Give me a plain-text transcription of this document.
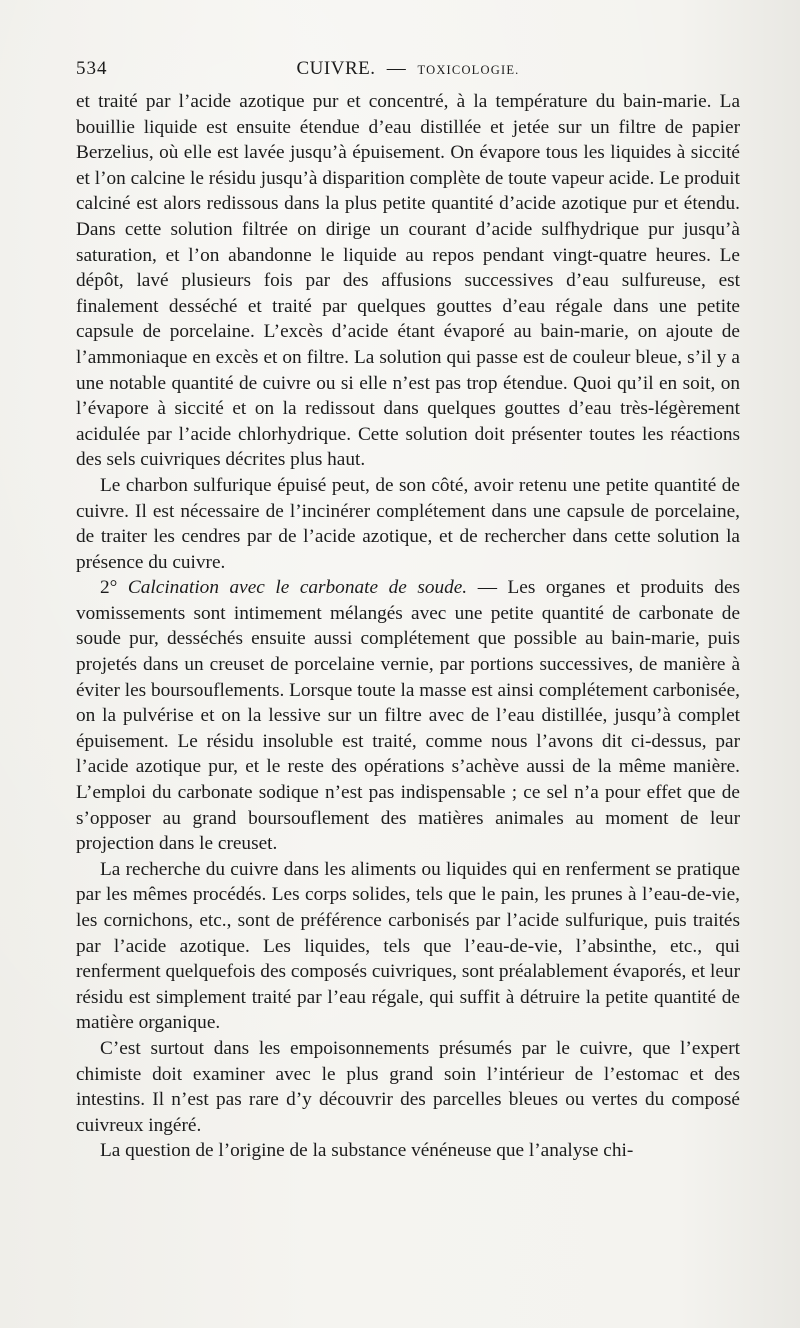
534	CUIVRE. — TOXICOLOGIE.

et traité par l’acide azotique pur et concentré, à la température du bain-marie. La bouillie liquide est ensuite étendue d’eau distillée et jetée sur un filtre de papier Berzelius, où elle est lavée jusqu’à épuisement. On évapore tous les liquides à siccité et l’on calcine le résidu jusqu’à disparition complète de toute vapeur acide. Le produit calciné est alors redissous dans la plus petite quantité d’acide azotique pur et étendu. Dans cette solution filtrée on dirige un courant d’acide sulfhydrique pur jusqu’à saturation, et l’on abandonne le liquide au repos pendant vingt-quatre heures. Le dépôt, lavé plusieurs fois par des affusions successives d’eau sulfureuse, est finalement desséché et traité par quelques gouttes d’eau régale dans une petite capsule de porcelaine. L’excès d’acide étant évaporé au bain-marie, on ajoute de l’ammoniaque en excès et on filtre. La solution qui passe est de couleur bleue, s’il y a une notable quantité de cuivre ou si elle n’est pas trop étendue. Quoi qu’il en soit, on l’évapore à siccité et on la redissout dans quelques gouttes d’eau très-légèrement acidulée par l’acide chlorhydrique. Cette solution doit présenter toutes les réactions des sels cuivriques décrites plus haut.

Le charbon sulfurique épuisé peut, de son côté, avoir retenu une petite quantité de cuivre. Il est nécessaire de l’incinérer complétement dans une capsule de porcelaine, de traiter les cendres par de l’acide azotique, et de rechercher dans cette solution la présence du cuivre.

2° Calcination avec le carbonate de soude. — Les organes et produits des vomissements sont intimement mélangés avec une petite quantité de carbonate de soude pur, desséchés ensuite aussi complétement que possible au bain-marie, puis projetés dans un creuset de porcelaine vernie, par portions successives, de manière à éviter les boursouflements. Lorsque toute la masse est ainsi complétement carbonisée, on la pulvérise et on la lessive sur un filtre avec de l’eau distillée, jusqu’à complet épuisement. Le résidu insoluble est traité, comme nous l’avons dit ci-dessus, par l’acide azotique pur, et le reste des opérations s’achève aussi de la même manière. L’emploi du carbonate sodique n’est pas indispensable ; ce sel n’a pour effet que de s’opposer au grand boursouflement des matières animales au moment de leur projection dans le creuset.

La recherche du cuivre dans les aliments ou liquides qui en renferment se pratique par les mêmes procédés. Les corps solides, tels que le pain, les prunes à l’eau-de-vie, les cornichons, etc., sont de préférence carbonisés par l’acide sulfurique, puis traités par l’acide azotique. Les liquides, tels que l’eau-de-vie, l’absinthe, etc., qui renferment quelquefois des composés cuivriques, sont préalablement évaporés, et leur résidu est simplement traité par l’eau régale, qui suffit à détruire la petite quantité de matière organique.

C’est surtout dans les empoisonnements présumés par le cuivre, que l’expert chimiste doit examiner avec le plus grand soin l’intérieur de l’estomac et des intestins. Il n’est pas rare d’y découvrir des parcelles bleues ou vertes du composé cuivreux ingéré.

La question de l’origine de la substance vénéneuse que l’analyse chi-
